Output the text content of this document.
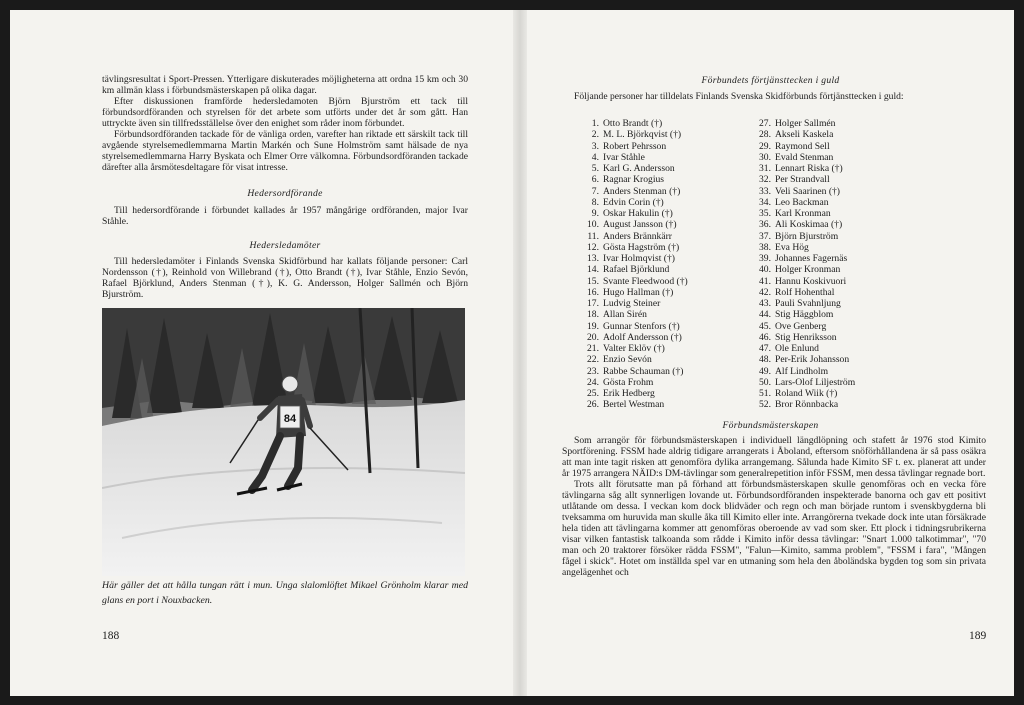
tävlingsresultat i Sport-Pressen. Ytterligare diskuterades möjligheterna att ordna 15 km och 30 km allmän klass i förbundsmästerskapen på olika dagar.

Efter diskussionen framförde hedersledamoten Björn Bjurström ett tack till förbundsordföranden och styrelsen för det arbete som utförts under det år som gått. Han uttryckte även sin tillfredsställelse över den enighet som råder inom förbundet.

Förbundsordföranden tackade för de vänliga orden, varefter han riktade ett särskilt tack till avgående styrelsemedlemmarna Martin Markén och Sune Holmström samt hälsade de nya styrelsemedlemmarna Harry Byskata och Elmer Orre välkomna. Förbundsordföranden tackade därefter alla årsmötesdeltagare för visat intresse.

Hedersordförande

Till hedersordförande i förbundet kallades år 1957 mångårige ordföranden, major Ivar Ståhle.

Hedersledamöter

Till hedersledamöter i Finlands Svenska Skidförbund har kallats följande personer: Carl Nordensson (†), Reinhold von Willebrand (†), Otto Brandt (†), Ivar Ståhle, Enzio Sevón, Rafael Björklund, Anders Stenman (†), K. G. Andersson, Holger Sallmén och Björn Bjurström.

84
Här gäller det att hålla tungan rätt i mun. Unga slalomlöftet Mikael Grönholm klarar med glans en port i Nouxbacken.
188
Förbundets förtjänsttecken i guld

Följande personer har tilldelats Finlands Svenska Skidförbunds förtjänsttecken i guld:

1. Otto Brandt (†)
2. M. L. Björkqvist (†)
3. Robert Pehrsson
4. Ivar Ståhle
5. Karl G. Andersson
6. Ragnar Krogius
7. Anders Stenman (†)
8. Edvin Corin (†)
9. Oskar Hakulin (†)
10. August Jansson (†)
11. Anders Brännkärr
12. Gösta Hagström (†)
13. Ivar Holmqvist (†)
14. Rafael Björklund
15. Svante Fleedwood (†)
16. Hugo Hallman (†)
17. Ludvig Steiner
18. Allan Sirén
19. Gunnar Stenfors (†)
20. Adolf Andersson (†)
21. Valter Eklöv (†)
22. Enzio Sevón
23. Rabbe Schauman (†)
24. Gösta Frohm
25. Erik Hedberg
26. Bertel Westman
27. Holger Sallmén
28. Akseli Kaskela
29. Raymond Sell
30. Evald Stenman
31. Lennart Riska (†)
32. Per Strandvall
33. Veli Saarinen (†)
34. Leo Backman
35. Karl Kronman
36. Ali Koskimaa (†)
37. Björn Bjurström
38. Eva Hög
39. Johannes Fagernäs
40. Holger Kronman
41. Hannu Koskivuori
42. Rolf Hohenthal
43. Pauli Svahnljung
44. Stig Häggblom
45. Ove Genberg
46. Stig Henriksson
47. Ole Enlund
48. Per-Erik Johansson
49. Alf Lindholm
50. Lars-Olof Liljeström
51. Roland Wiik (†)
52. Bror Rönnbacka
Förbundsmästerskapen

Som arrangör för förbundsmästerskapen i individuell längdlöpning och stafett år 1976 stod Kimito Sportförening. FSSM hade aldrig tidigare arrangerats i Åboland, eftersom snöförhållandena är så pass osäkra att man inte tagit risken att genomföra dylika arrangemang. Sålunda hade Kimito SF t. ex. planerat att under år 1975 arrangera NÄID:s DM-tävlingar som generalrepetition inför FSSM, men dessa tävlingar regnade bort.

Trots allt förutsatte man på förhand att förbundsmästerskapen skulle genomföras och en vecka före tävlingarna såg allt synnerligen lovande ut. Förbundsordföranden inspekterade banorna och gav ett positivt utlåtande om dessa. I veckan kom dock blidväder och regn och man började runtom i svenskbygderna bli tveksamma om huruvida man skulle åka till Kimito eller inte. Arrangörerna tvekade dock inte utan försäkrade hela tiden att tävlingarna kommer att genomföras oberoende av vad som sker. Ett plock i tidningsrubrikerna visar vilken fantastisk talkoanda som rådde i Kimito inför dessa tävlingar: "Snart 1.000 talkotimmar", "70 man och 20 traktorer försöker rädda FSSM", "Falun—Kimito, samma problem", "FSSM i fara", "Mången fågel i skick". Hotet om inställda spel var en utmaning som hela den åboländska bygden tog som sin privata angelägenhet och

189
